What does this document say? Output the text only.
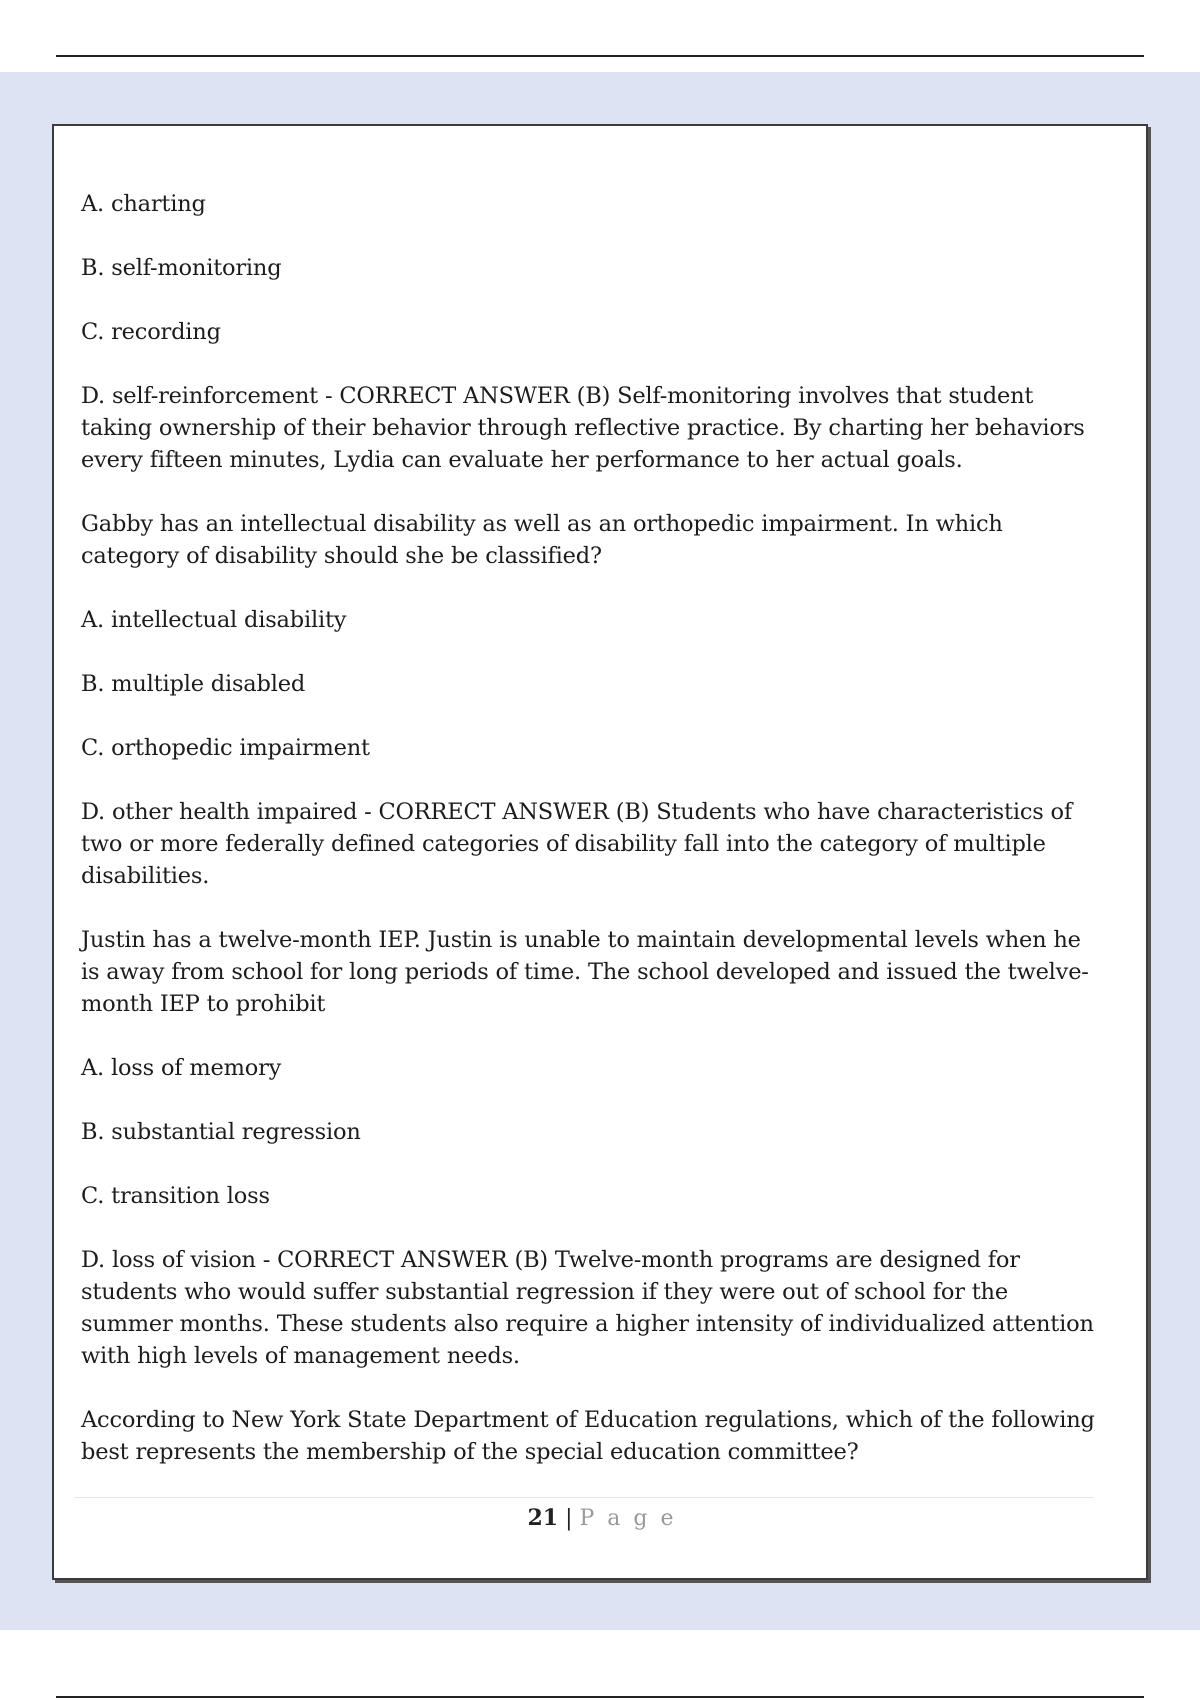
A. charting

B. self-monitoring

C. recording

D. self-reinforcement - CORRECT ANSWER (B) Self-monitoring involves that student taking ownership of their behavior through reflective practice. By charting her behaviors every fifteen minutes, Lydia can evaluate her performance to her actual goals.

Gabby has an intellectual disability as well as an orthopedic impairment. In which category of disability should she be classified?

A. intellectual disability

B. multiple disabled

C. orthopedic impairment

D. other health impaired - CORRECT ANSWER (B) Students who have characteristics of two or more federally defined categories of disability fall into the category of multiple disabilities.

Justin has a twelve-month IEP. Justin is unable to maintain developmental levels when he is away from school for long periods of time. The school developed and issued the twelve-month IEP to prohibit

A. loss of memory

B. substantial regression

C. transition loss

D. loss of vision - CORRECT ANSWER (B) Twelve-month programs are designed for students who would suffer substantial regression if they were out of school for the summer months. These students also require a higher intensity of individualized attention with high levels of management needs.

According to New York State Department of Education regulations, which of the following best represents the membership of the special education committee?

21 | P a g e
